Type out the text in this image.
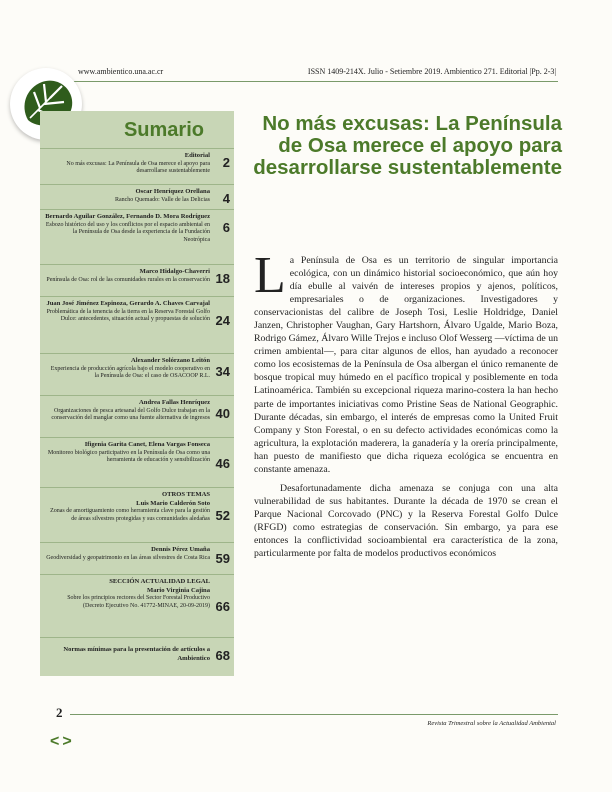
www.ambientico.una.ac.cr	ISSN 1409-214X. Julio - Setiembre 2019. Ambientico 271. Editorial |Pp. 2-3|
Sumario
Editorial
No más excusas: La Península de Osa merece el apoyo para desarrollarse sustentablemente
2
Oscar Henríquez Orellana
Rancho Quemado: Valle de las Delicias 4
Bernardo Aguilar González, Fernando D. Mora Rodríguez
Esbozo histórico del uso y los conflictos por el espacio ambiental en la Península de Osa desde la experiencia de la Fundación Neotrópica
6
Marco Hidalgo-Chaverri
Península de Osa: rol de las comunidades rurales en la conservación 18
Juan José Jiménez Espinoza, Gerardo A. Chaves Carvajal
Problemática de la tenencia de la tierra en la Reserva Forestal Golfo Dulce: antecedentes, situación actual y propuestas de solución 24
Alexander Solórzano Leitón
Experiencia de producción agrícola bajo el modelo cooperativo en la Península de Osa: el caso de OSACOOP R.L. 34
Andrea Fallas Henríquez
Organizaciones de pesca artesanal del Golfo Dulce trabajan en la conservación del manglar como una fuente alternativa de ingresos 40
Ifigenia Garita Canet, Elena Vargas Fonseca
Monitoreo biológico participativo en la Península de Osa como una herramienta de educación y sensibilización 46
OTROS TEMAS
Luis Mario Calderón Soto
Zonas de amortiguamiento como herramienta clave para la gestión de áreas silvestres protegidas y sus comunidades aledañas 52
Dennis Pérez Umaña
Geodiversidad y geopatrimonio en las áreas silvestres de Costa Rica 59
SECCIÓN ACTUALIDAD LEGAL
Mario Virginia Cajina
Sobre los principios rectores del Sector Forestal Productivo (Decreto Ejecutivo No. 41772-MINAE, 20-09-2019) 66
Normas mínimas para la presentación de artículos a Ambientico 68
No más excusas: La Península de Osa merece el apoyo para desarrollarse sustentablemente

La Península de Osa es un territorio de singular importancia ecológica, con un dinámico historial socioeconómico, que aún hoy día ebulle al vaivén de intereses propios y ajenos, políticos, empresariales o de organizaciones. Investigadores y conservacionistas del calibre de Joseph Tosi, Leslie Holdridge, Daniel Janzen, Christopher Vaughan, Gary Hartshorn, Álvaro Ugalde, Mario Boza, Rodrigo Gámez, Álvaro Wille Trejos e incluso Olof Wesserg —víctima de un crimen ambiental—, para citar algunos de ellos, han ayudado a reconocer como los ecosistemas de la Península de Osa albergan el único remanente de bosque tropical muy húmedo en el pacífico tropical y posiblemente en toda Latinoamérica. También su excepcional riqueza marino-costera la han hecho parte de importantes iniciativas como Pristine Seas de National Geographic. Durante décadas, sin embargo, el interés de empresas como la United Fruit Company y Ston Forestal, o en su defecto actividades económicas como la agricultura, la explotación maderera, la ganadería y la orería principalmente, han puesto de manifiesto que dicha riqueza ecológica se encuentra en constante amenaza.

Desafortunadamente dicha amenaza se conjuga con una alta vulnerabilidad de sus habitantes. Durante la década de 1970 se crean el Parque Nacional Corcovado (PNC) y la Reserva Forestal Golfo Dulce (RFGD) como estrategias de conservación. Sin embargo, ya para ese entonces la conflictividad socioambiental era característica de la zona, particularmente por falta de modelos productivos económicos

2
Revista Trimestral sobre la Actualidad Ambiental
<>
